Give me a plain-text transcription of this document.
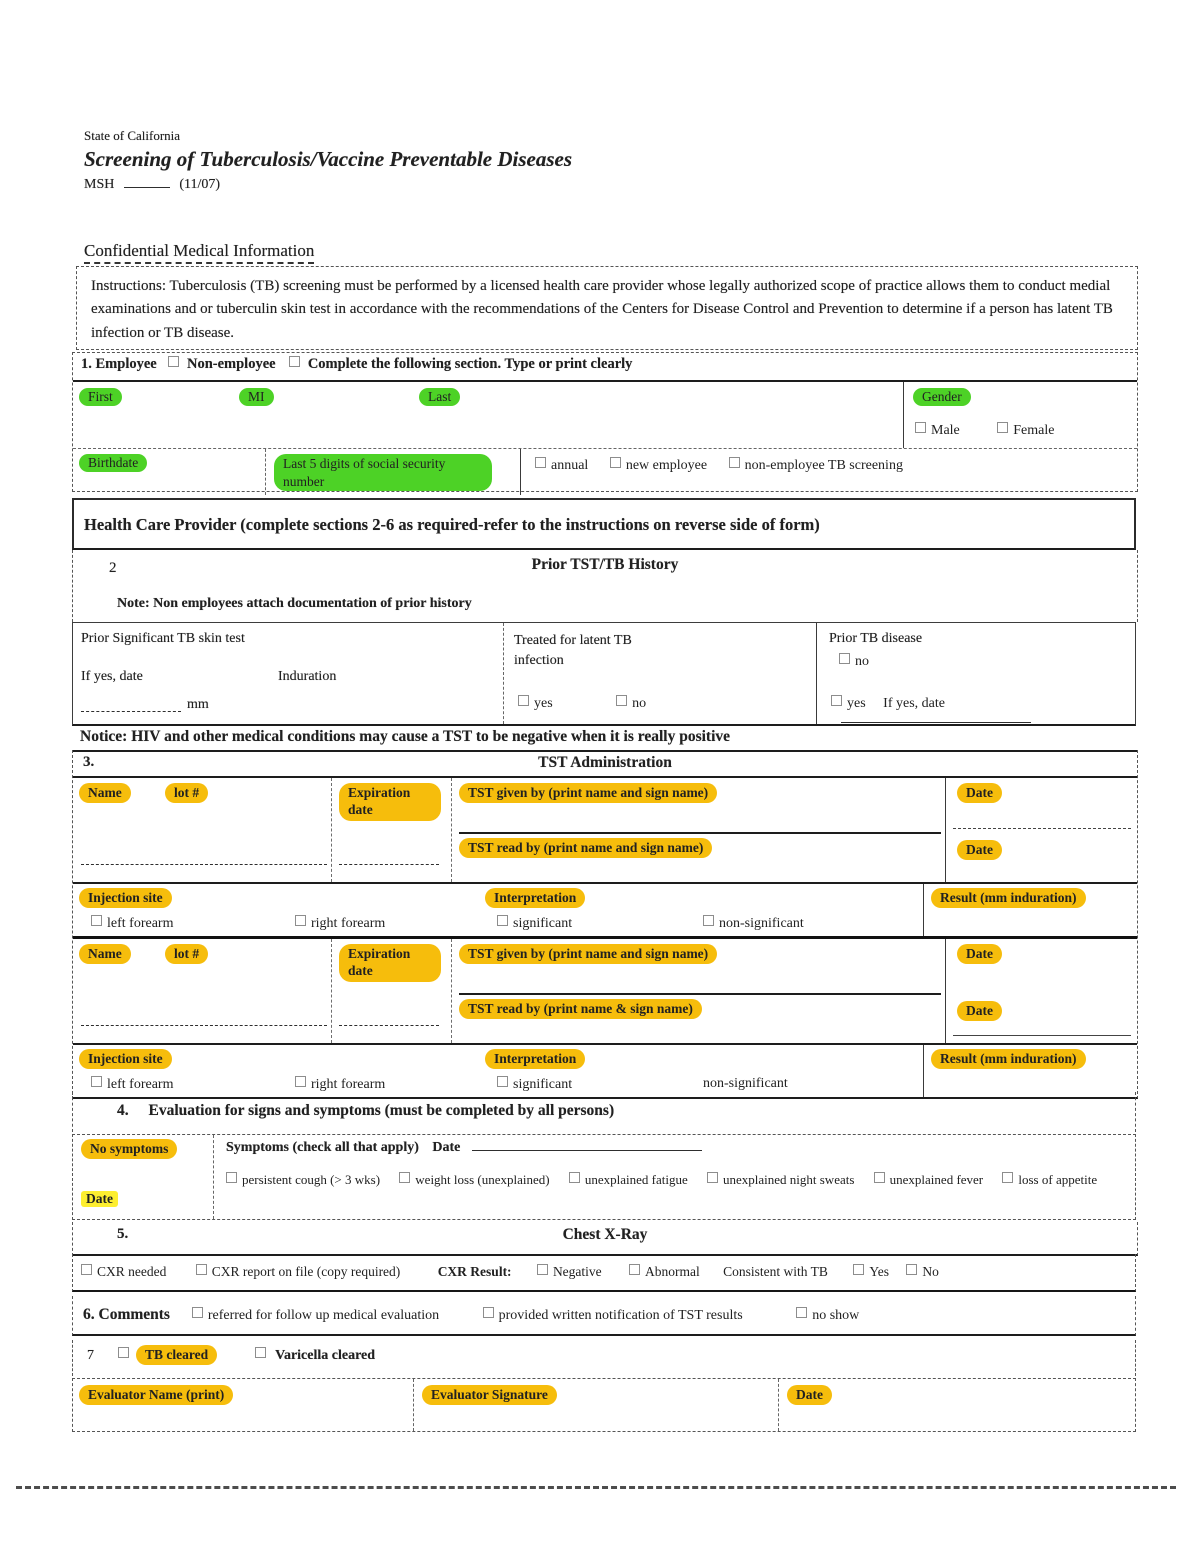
State of California
Screening of Tuberculosis/Vaccine Preventable Diseases
MSH	(11/07)
Confidential Medical Information
Instructions: Tuberculosis (TB) screening must be performed by a licensed health care provider whose legally authorized scope of practice allows them to conduct medial examinations and or tuberculin skin test in accordance with the recommendations of the Centers for Disease Control and Prevention to determine if a person has latent TB infection or TB disease.
1. Employee Non-employee Complete the following section. Type or print clearly
First	MI	Last	Gender
Male	Female
Birthdate	Last 5 digits of social security number
annual	new employee	non-employee TB screening
Health Care Provider (complete sections 2-6 as required-refer to the instructions on reverse side of form)
2	Prior TST/TB History
Note: Non employees attach documentation of prior history
Prior Significant TB skin test
If yes, date	Induration
mm
Treated for latent TB infection
yes	no
Prior TB disease
no
yes If yes, date
Notice: HIV and other medical conditions may cause a TST to be negative when it is really positive
3.	TST Administration
Name	lot #	Expiration date
TST given by (print name and sign name)
TST read by (print name and sign name)
Date
Date
Injection site	Interpretation	Result (mm induration)
left forearm	right forearm	significant	non-significant
Name	lot #	Expiration date
TST given by (print name and sign name)
TST read by (print name & sign name)
Date
Date
Injection site	Interpretation	Result (mm induration)
left forearm	right forearm	significant	non-significant
4. Evaluation for signs and symptoms (must be completed by all persons)
No symptoms
Date
Symptoms (check all that apply) Date
persistent cough (> 3 wks)	weight loss (unexplained)	unexplained fatigue	unexplained night sweats	unexplained fever	loss of appetite
5.	Chest X-Ray
CXR needed	CXR report on file (copy required)	CXR Result:	Negative	Abnormal Consistent with TB	Yes No
6. Comments	referred for follow up medical evaluation	provided written notification of TST results	no show
7	TB cleared	Varicella cleared
Evaluator Name (print)	Evaluator Signature	Date
